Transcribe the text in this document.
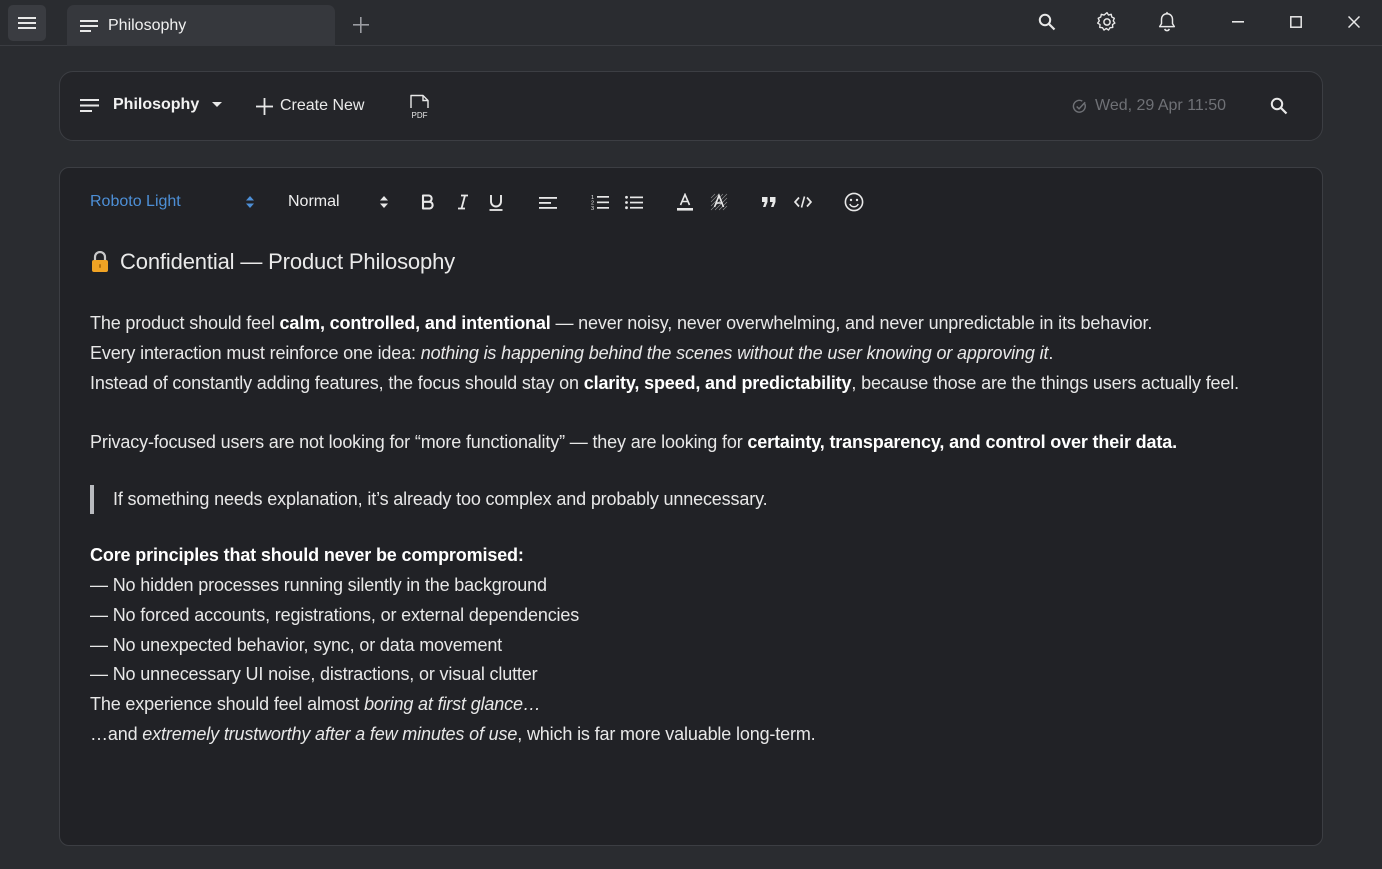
Philosophy
Philosophy	Create New
PDF
Wed, 29 Apr 11:50
Roboto Light	Normal	1
2
3
Confidential — Product Philosophy

The product should feel calm, controlled, and intentional — never noisy, never overwhelming, and never unpredictable in its behavior.

Every interaction must reinforce one idea: nothing is happening behind the scenes without the user knowing or approving it.

Instead of constantly adding features, the focus should stay on clarity, speed, and predictability, because those are the things users actually feel.

Privacy-focused users are not looking for “more functionality” — they are looking for certainty, transparency, and control over their data.

If something needs explanation, it’s already too complex and probably unnecessary.

Core principles that should never be compromised:

— No hidden processes running silently in the background

— No forced accounts, registrations, or external dependencies

— No unexpected behavior, sync, or data movement

— No unnecessary UI noise, distractions, or visual clutter

The experience should feel almost boring at first glance…

…and extremely trustworthy after a few minutes of use, which is far more valuable long-term.
